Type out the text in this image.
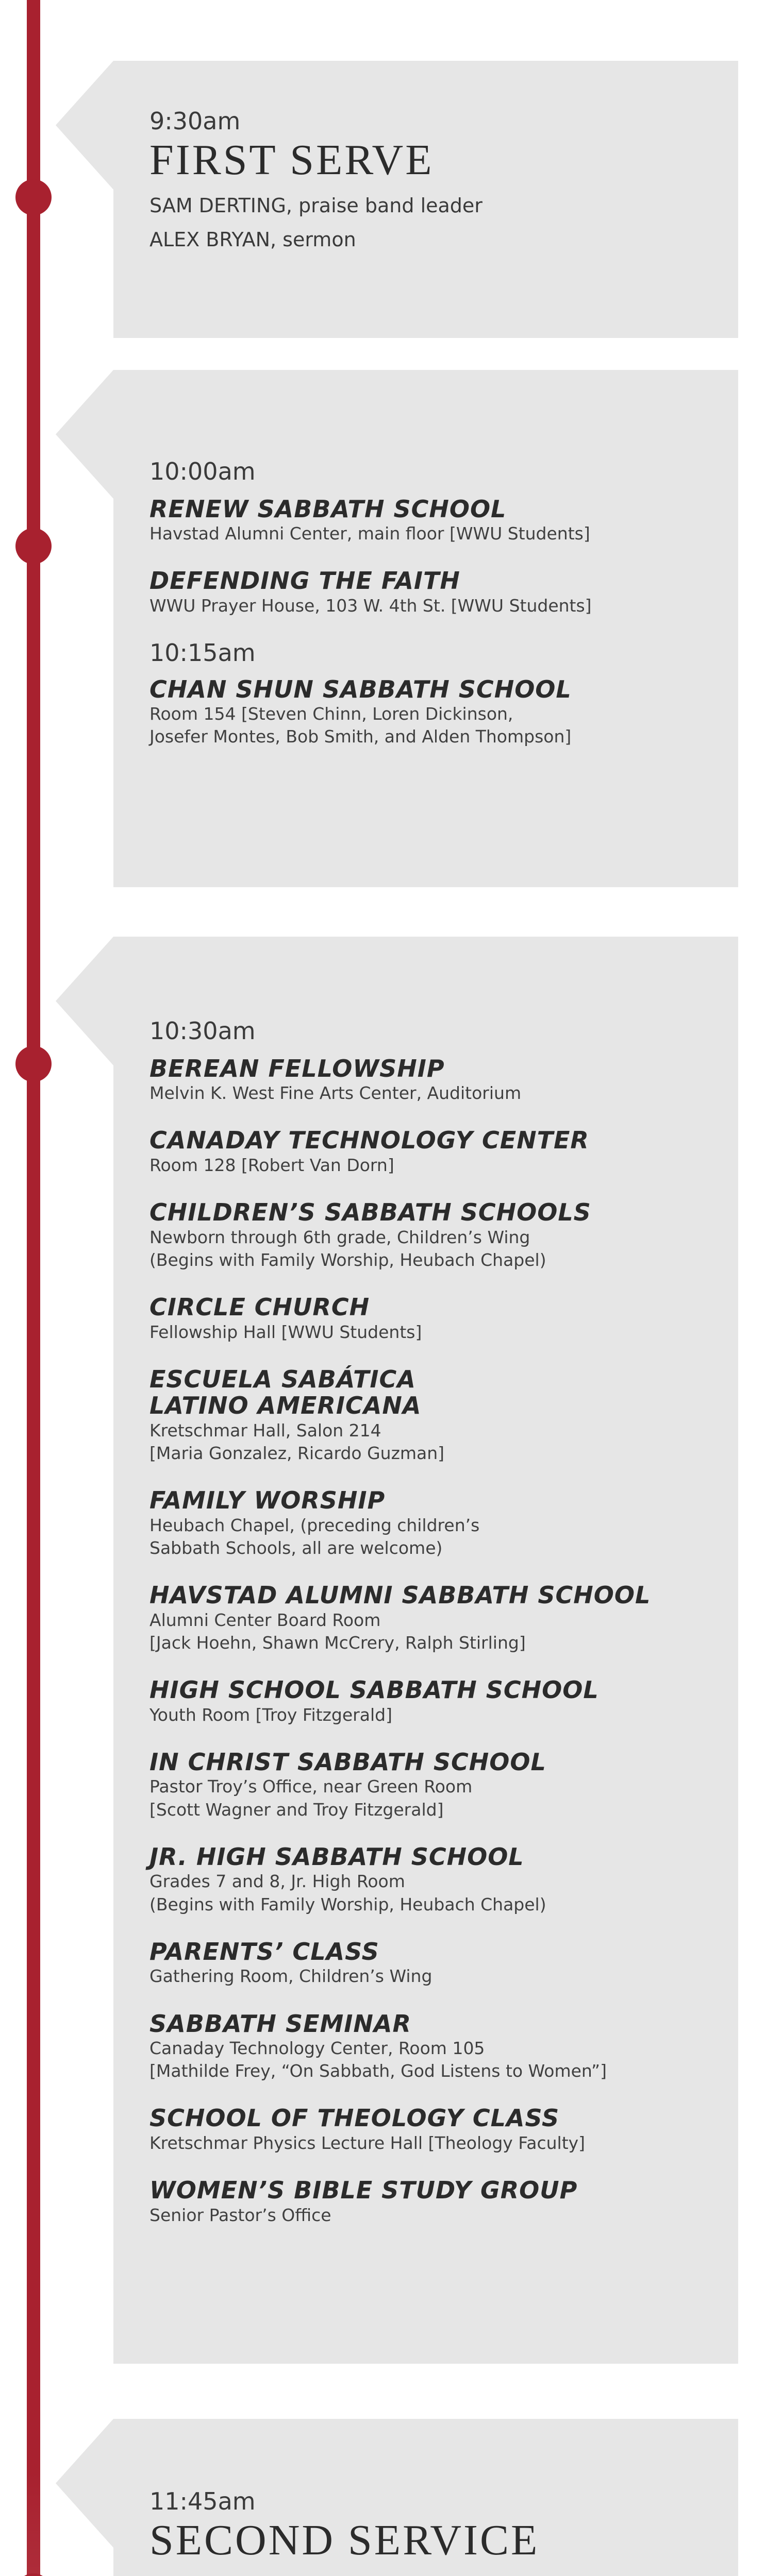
9:30am
FIRST SERVE
SAM DERTING, praise band leader
ALEX BRYAN, sermon
10:00am
RENEW SABBATH SCHOOL
Havstad Alumni Center, main floor [WWU Students]
DEFENDING THE FAITH
WWU Prayer House, 103 W. 4th St. [WWU Students]
10:15am
CHAN SHUN SABBATH SCHOOL
Room 154 [Steven Chinn, Loren Dickinson,
Josefer Montes, Bob Smith, and Alden Thompson]
10:30am
BEREAN FELLOWSHIP
Melvin K. West Fine Arts Center, Auditorium
CANADAY TECHNOLOGY CENTER
Room 128 [Robert Van Dorn]
CHILDREN’S SABBATH SCHOOLS
Newborn through 6th grade, Children’s Wing
(Begins with Family Worship, Heubach Chapel)
CIRCLE CHURCH
Fellowship Hall [WWU Students]
ESCUELA SABÁTICA
LATINO AMERICANA
Kretschmar Hall, Salon 214
[Maria Gonzalez, Ricardo Guzman]
FAMILY WORSHIP
Heubach Chapel, (preceding children’s
Sabbath Schools, all are welcome)
HAVSTAD ALUMNI SABBATH SCHOOL
Alumni Center Board Room
[Jack Hoehn, Shawn McCrery, Ralph Stirling]
HIGH SCHOOL SABBATH SCHOOL
Youth Room [Troy Fitzgerald]
IN CHRIST SABBATH SCHOOL
Pastor Troy’s Office, near Green Room
[Scott Wagner and Troy Fitzgerald]
JR. HIGH SABBATH SCHOOL
Grades 7 and 8, Jr. High Room
(Begins with Family Worship, Heubach Chapel)
PARENTS’ CLASS
Gathering Room, Children’s Wing
SABBATH SEMINAR
Canaday Technology Center, Room 105
[Mathilde Frey, “On Sabbath, God Listens to Women”]
SCHOOL OF THEOLOGY CLASS
Kretschmar Physics Lecture Hall [Theology Faculty]
WOMEN’S BIBLE STUDY GROUP
Senior Pastor’s Office
11:45am
SECOND SERVICE
